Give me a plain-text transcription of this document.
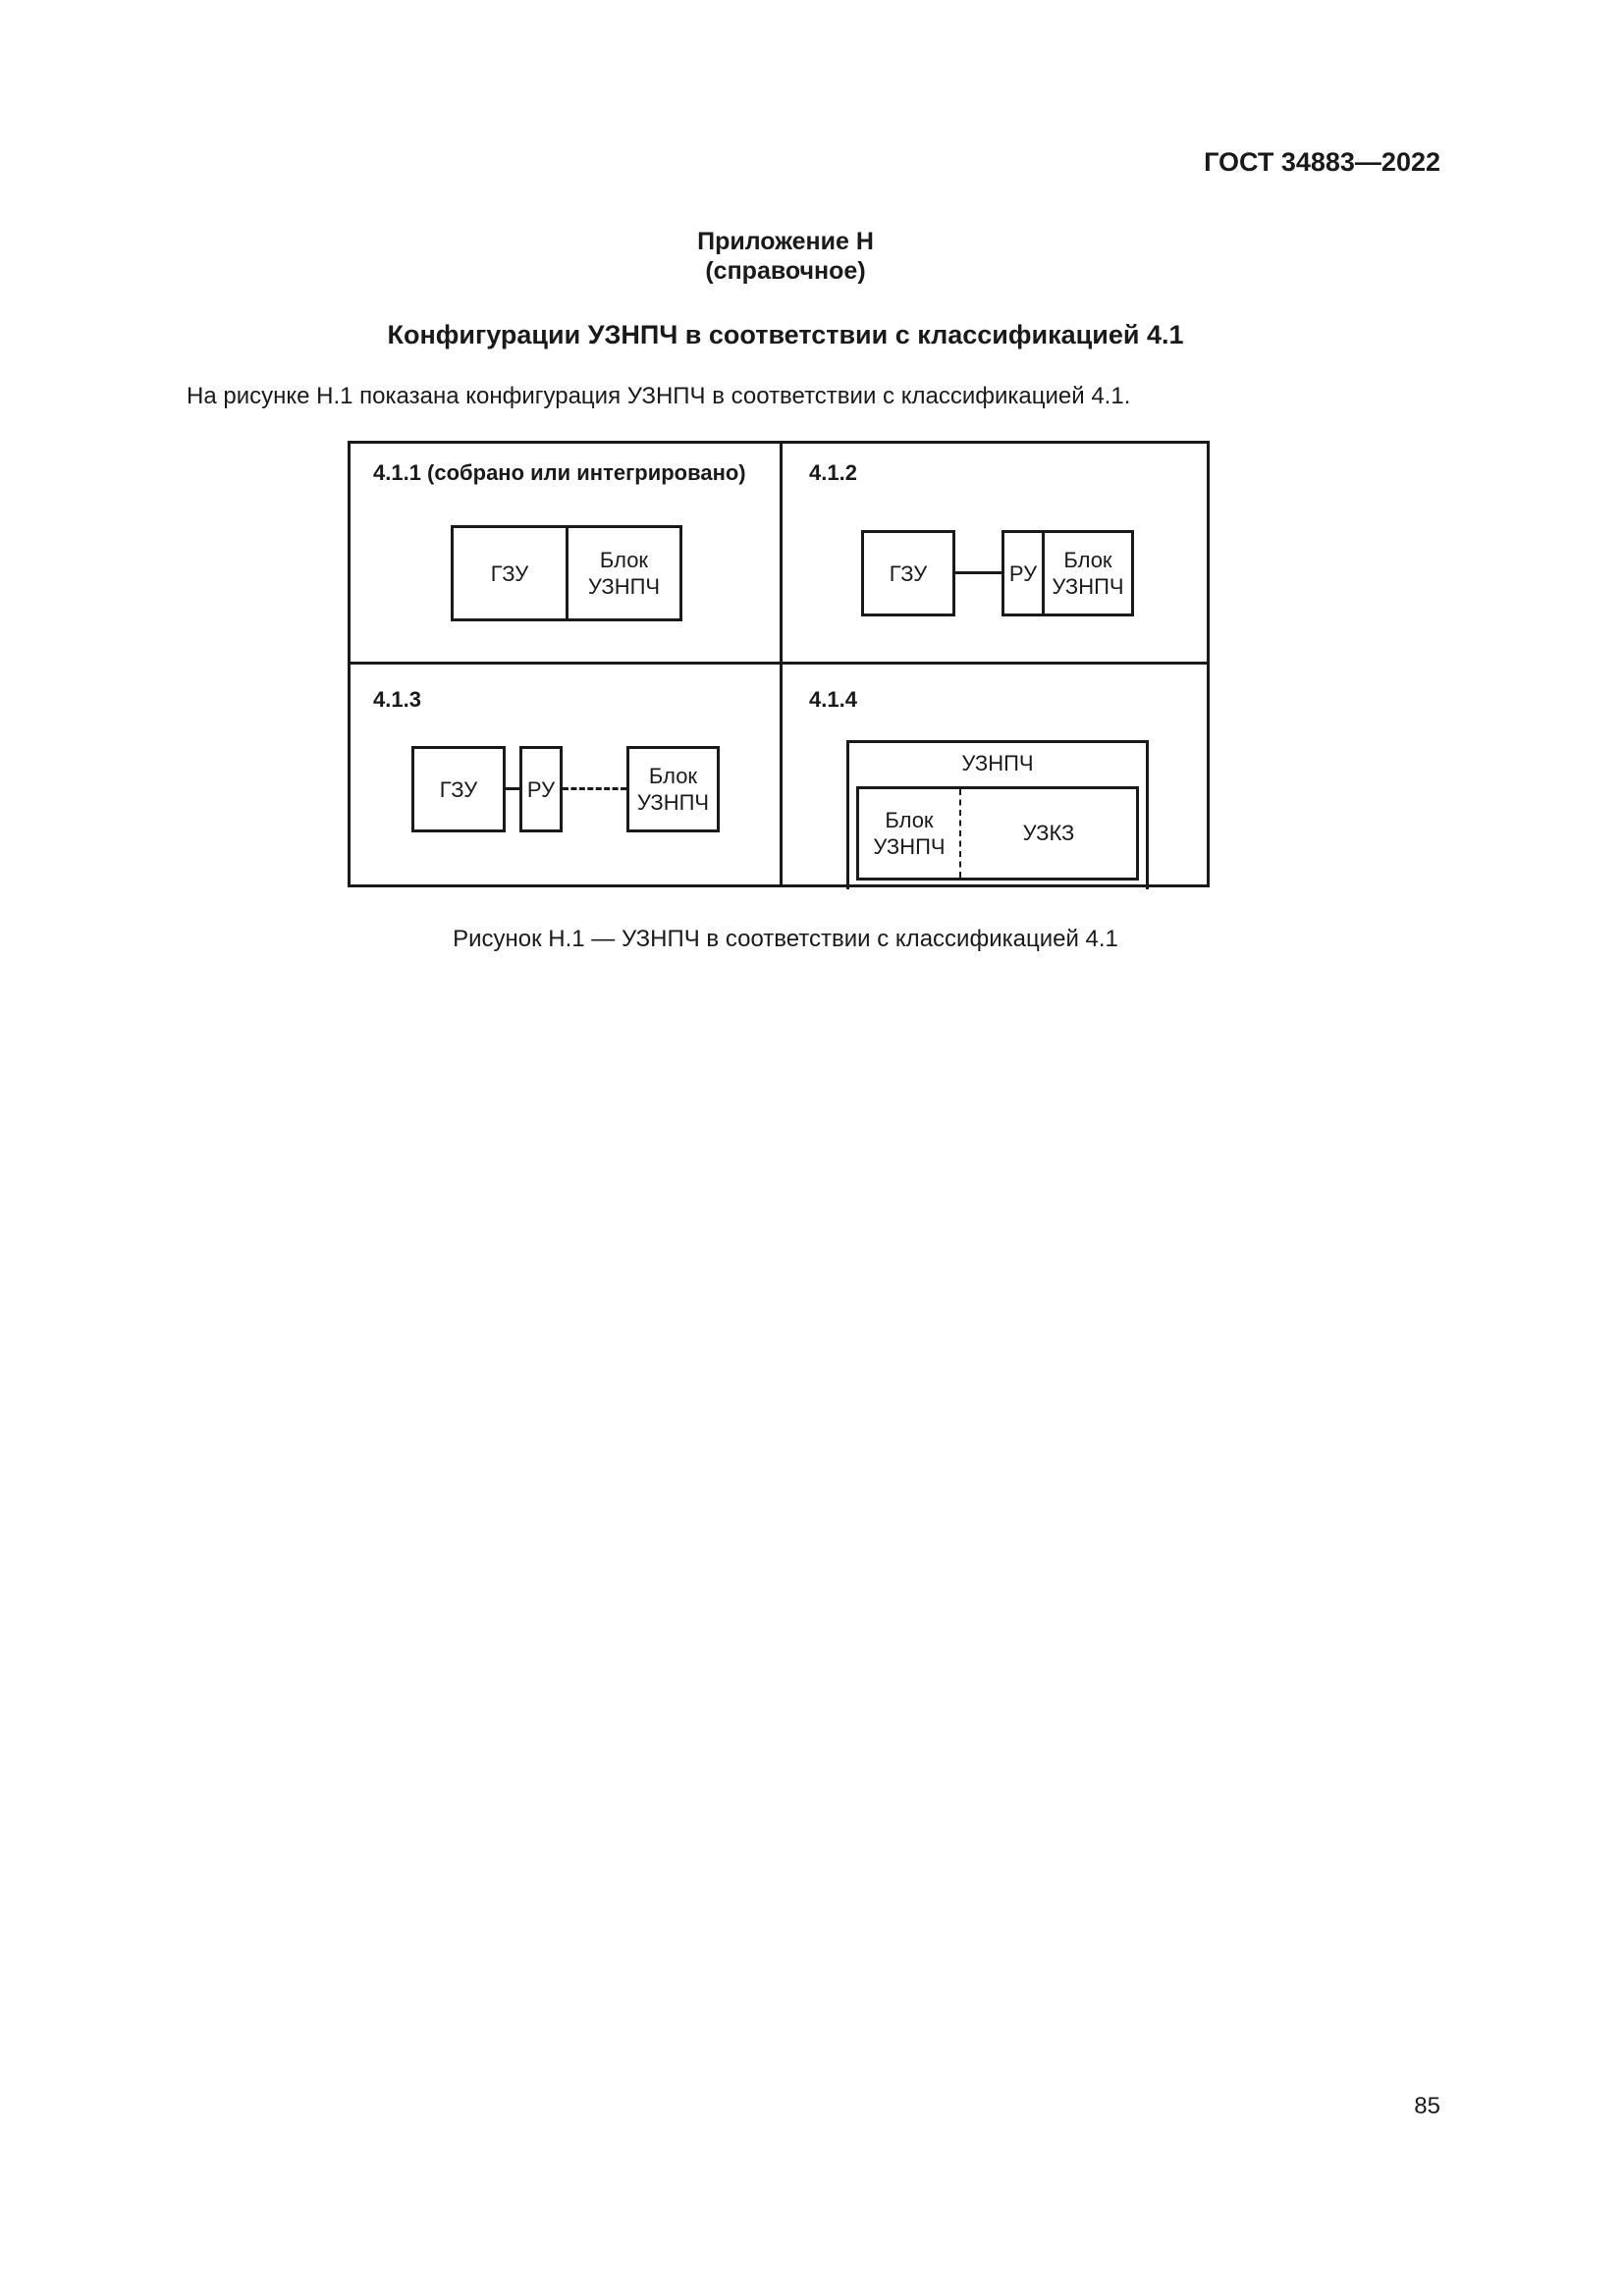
ГОСТ 34883—2022
Приложение Н
(справочное)
Конфигурации УЗНПЧ в соответствии с классификацией 4.1
На рисунке Н.1 показана конфигурация УЗНПЧ в соответствии с классификацией 4.1.
4.1.1 (собрано или интегрировано)
ГЗУ
Блок
УЗНПЧ
4.1.2
ГЗУ	РУ
Блок
УЗНПЧ
4.1.3
ГЗУ РУ
Блок
УЗНПЧ
4.1.4
УЗНПЧ
Блок
УЗНПЧ
УЗКЗ
Рисунок Н.1 — УЗНПЧ в соответствии с классификацией 4.1
85
